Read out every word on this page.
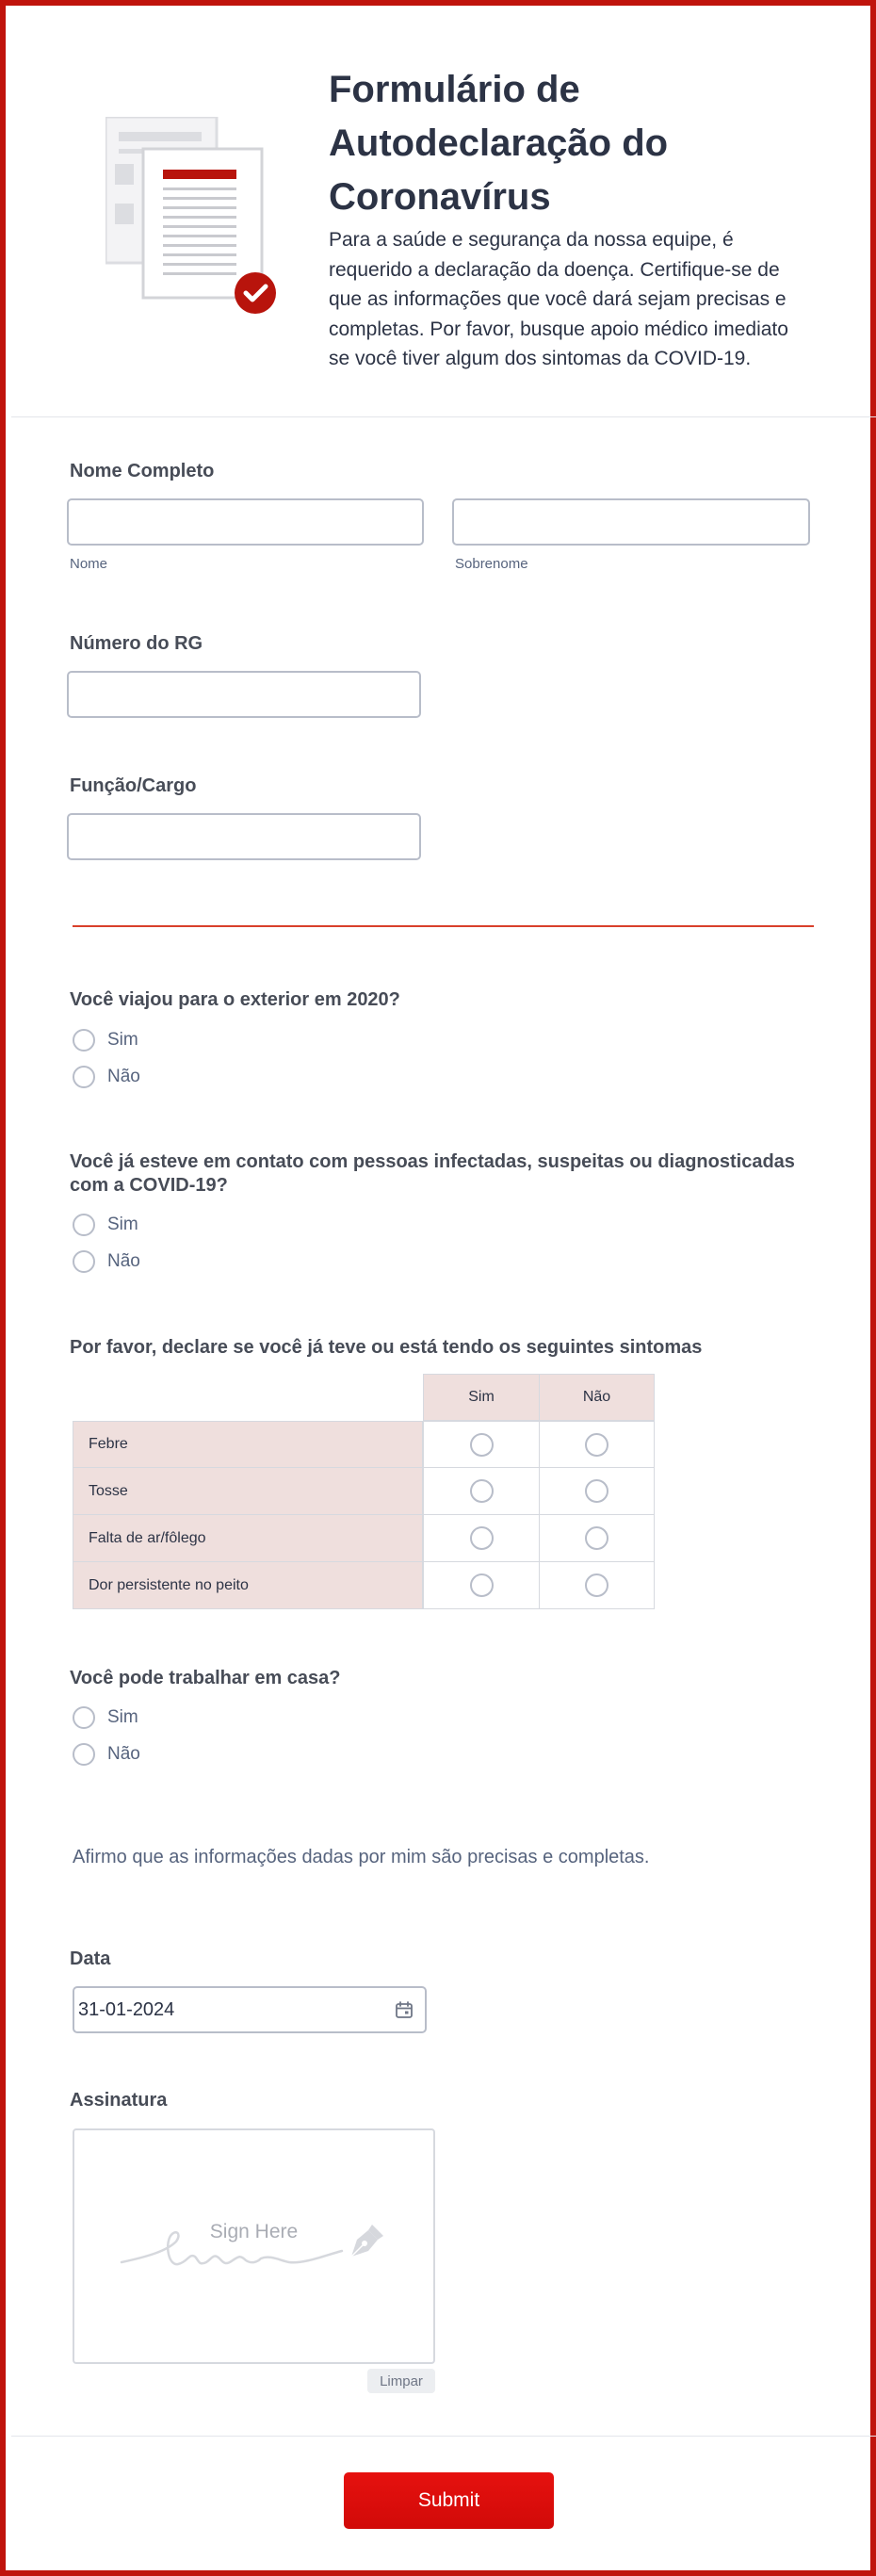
Formulário de Autodeclaração do Coronavírus
Para a saúde e segurança da nossa equipe, é requerido a declaração da doença. Certifique-se de que as informações que você dará sejam precisas e completas. Por favor, busque apoio médico imediato se você tiver algum dos sintomas da COVID-19.
Nome Completo
Nome	Sobrenome
Número do RG
Função/Cargo
Você viajou para o exterior em 2020?
Sim
Não
Você já esteve em contato com pessoas infectadas, suspeitas ou diagnosticadas com a COVID-19?
Sim
Não
Por favor, declare se você já teve ou está tendo os seguintes sintomas
Sim	Não
Febre
Tosse
Falta de ar/fôlego
Dor persistente no peito
Você pode trabalhar em casa?
Sim
Não
Afirmo que as informações dadas por mim são precisas e completas.
Data
31-01-2024
Assinatura
Sign Here
Limpar
Submit
